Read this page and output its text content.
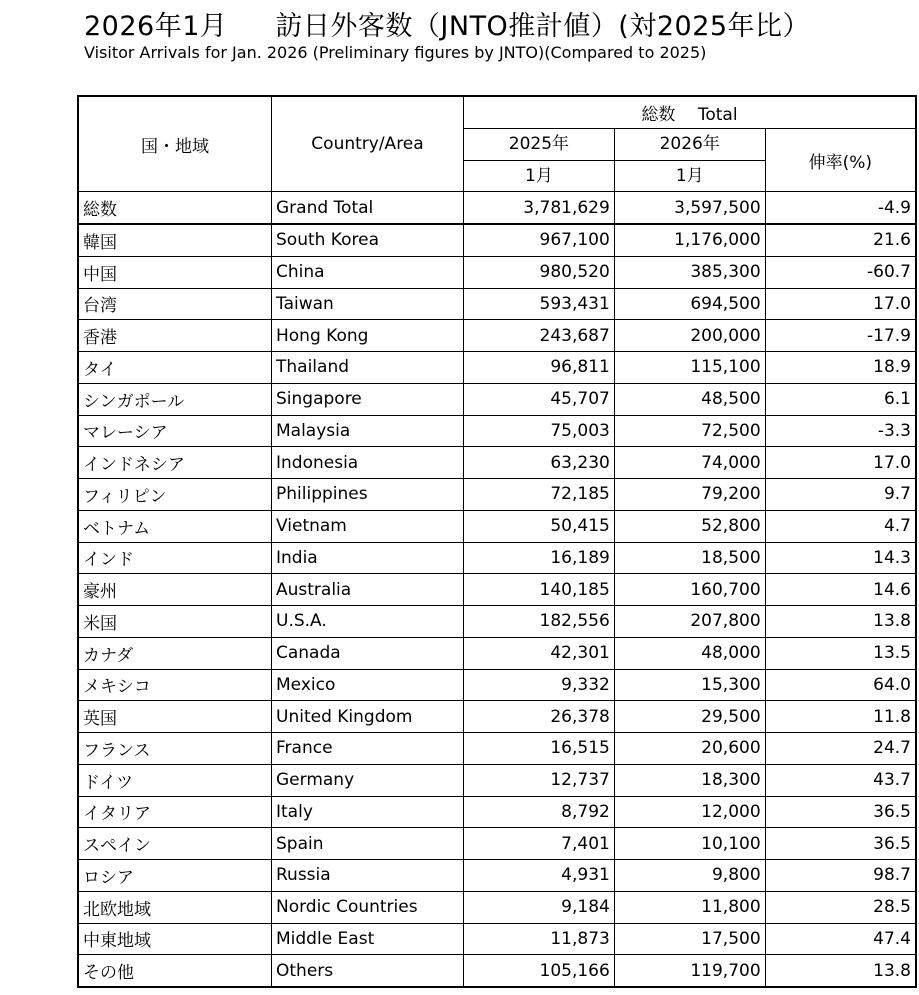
2026年1月 訪日外客数（JNTO推計値）(対2025年比）

Visitor Arrivals for Jan. 2026 (Preliminary figures by JNTO)(Compared to 2025)

国・地域	Country/Area	総数　 Total		
		2025年	2026年	伸率(%)
		1月	1月	
総数	Grand Total	3,781,629	3,597,500	-4.9
韓国	South Korea	967,100	1,176,000	21.6
中国	China	980,520	385,300	-60.7
台湾	Taiwan	593,431	694,500	17.0
香港	Hong Kong	243,687	200,000	-17.9
タイ	Thailand	96,811	115,100	18.9
シンガポール	Singapore	45,707	48,500	6.1
マレーシア	Malaysia	75,003	72,500	-3.3
インドネシア	Indonesia	63,230	74,000	17.0
フィリピン	Philippines	72,185	79,200	9.7
ベトナム	Vietnam	50,415	52,800	4.7
インド	India	16,189	18,500	14.3
豪州	Australia	140,185	160,700	14.6
米国	U.S.A.	182,556	207,800	13.8
カナダ	Canada	42,301	48,000	13.5
メキシコ	Mexico	9,332	15,300	64.0
英国	United Kingdom	26,378	29,500	11.8
フランス	France	16,515	20,600	24.7
ドイツ	Germany	12,737	18,300	43.7
イタリア	Italy	8,792	12,000	36.5
スペイン	Spain	7,401	10,100	36.5
ロシア	Russia	4,931	9,800	98.7
北欧地域	Nordic Countries	9,184	11,800	28.5
中東地域	Middle East	11,873	17,500	47.4
その他	Others	105,166	119,700	13.8
